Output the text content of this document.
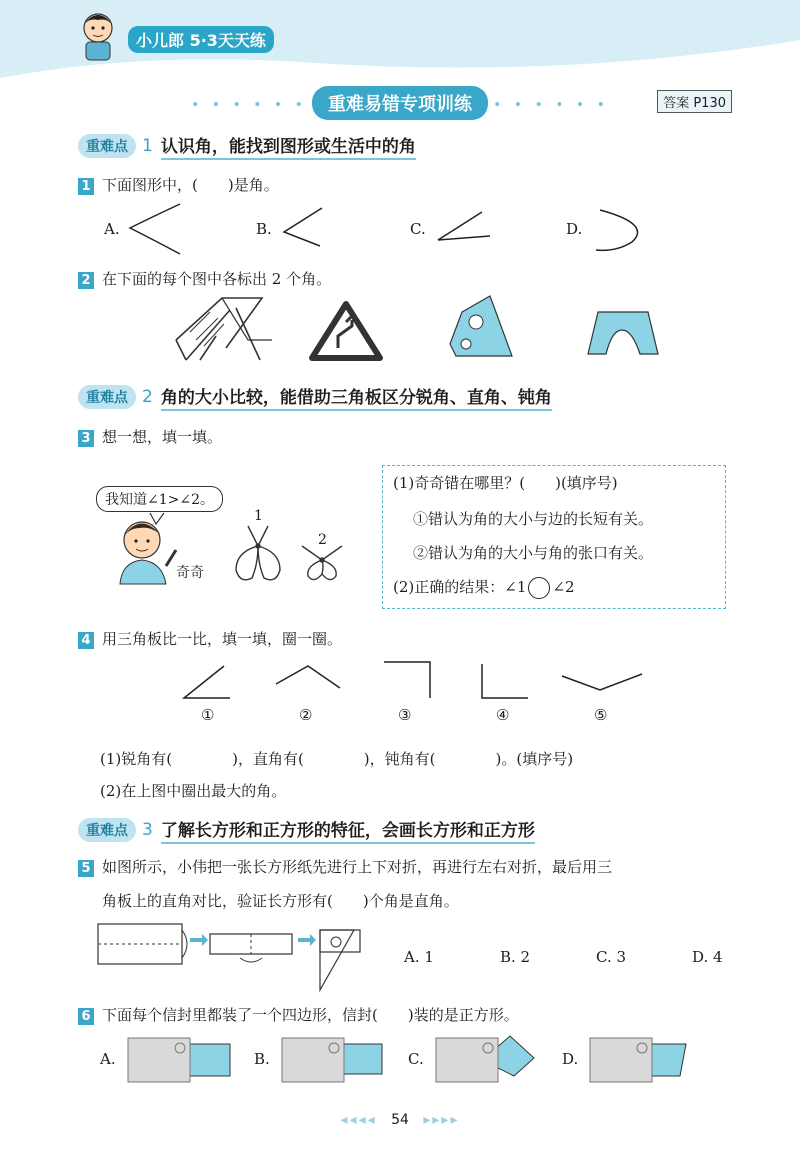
小儿郎 5·3天天练
• • • • • • 重难易错专项训练 • • • • • •	答案 P130
重难点 1 认识角，能找到图形或生活中的角
1 下面图形中，(　　)是角。
A.	B.	C.	D.
2 在下面的每个图中各标出 2 个角。
重难点 2 角的大小比较，能借助三角板区分锐角、直角、钝角
3 想一想，填一填。
我知道∠1>∠2。
1
2
奇奇
(1)奇奇错在哪里？(　　)(填序号)
①错认为角的大小与边的长短有关。
②错认为角的大小与角的张口有关。
(2)正确的结果：∠1 ∠2
4 用三角板比一比，填一填，圈一圈。
①	②	③	④	⑤
(1)锐角有(　　　　)，直角有(　　　　)，钝角有(　　　　)。(填序号)
(2)在上图中圈出最大的角。
重难点 3 了解长方形和正方形的特征，会画长方形和正方形
5 如图所示，小伟把一张长方形纸先进行上下对折，再进行左右对折，最后用三
角板上的直角对比，验证长方形有(　　)个角是直角。
A. 1	B. 2	C. 3	D. 4
6 下面每个信封里都装了一个四边形，信封(　　)装的是正方形。
A.	B.	C.	D.
◂◂◂◂ 54 ▸▸▸▸
